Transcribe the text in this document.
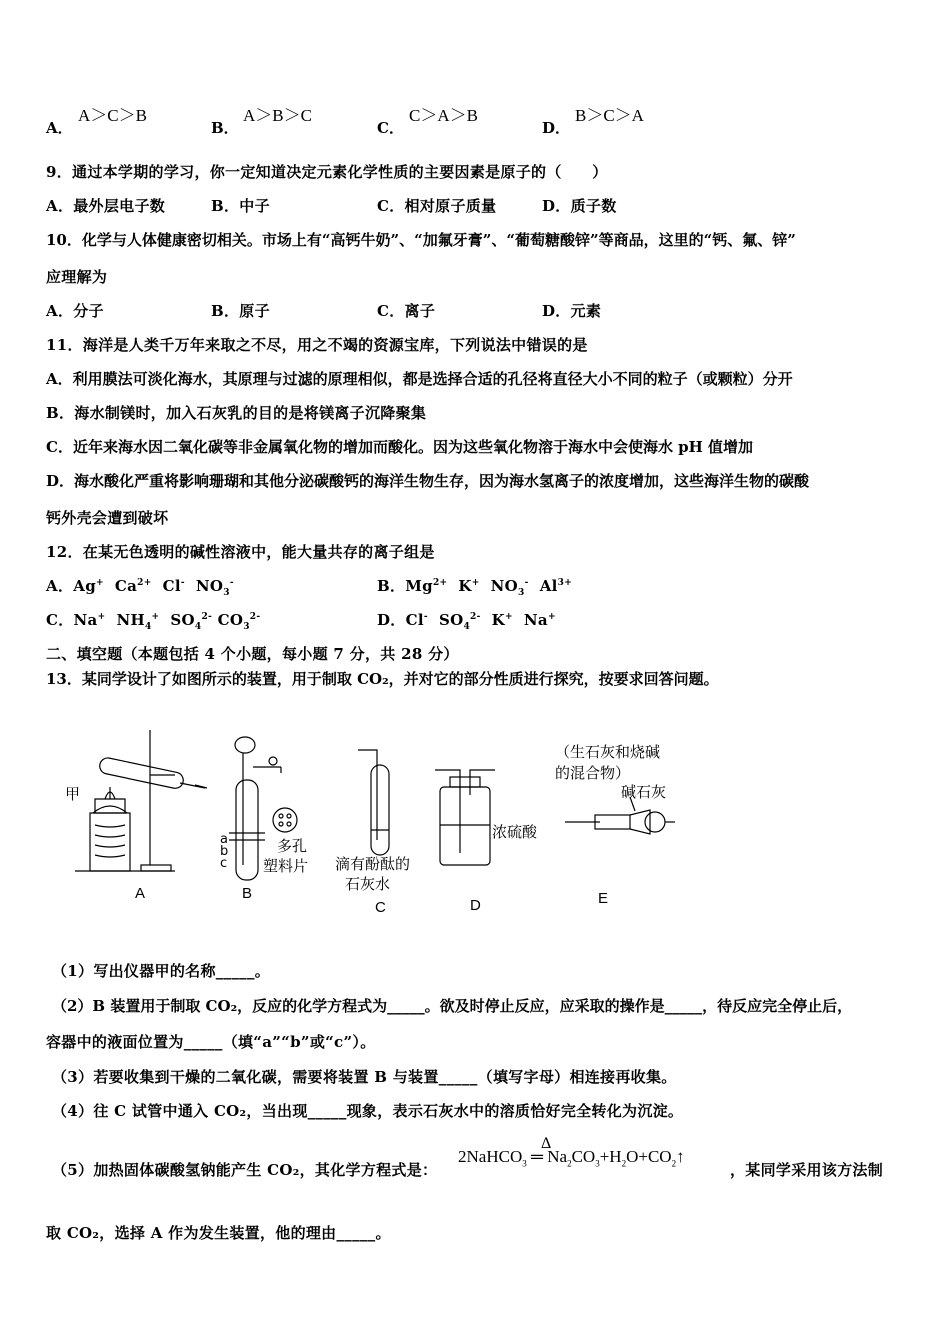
A．
A＞C＞B
B．
A＞B＞C
C．
C＞A＞B
D．
B＞C＞A
9．通过本学期的学习，你一定知道决定元素化学性质的主要因素是原子的（　　）
A．最外层电子数	B．中子	C．相对原子质量	D．质子数
10．化学与人体健康密切相关。市场上有“高钙牛奶”、“加氟牙膏”、“葡萄糖酸锌”等商品，这里的“钙、氟、锌”
应理解为
A．分子	B．原子	C．离子	D．元素
11．海洋是人类千万年来取之不尽，用之不竭的资源宝库，下列说法中错误的是
A．利用膜法可淡化海水，其原理与过滤的原理相似，都是选择合适的孔径将直径大小不同的粒子（或颗粒）分开
B．海水制镁时，加入石灰乳的目的是将镁离子沉降聚集
C．近年来海水因二氧化碳等非金属氧化物的增加而酸化。因为这些氧化物溶于海水中会使海水 pH 值增加
D．海水酸化严重将影响珊瑚和其他分泌碳酸钙的海洋生物生存，因为海水氢离子的浓度增加，这些海洋生物的碳酸
钙外壳会遭到破坏
12．在某无色透明的碱性溶液中，能大量共存的离子组是
A．Ag+  $Ca^{2+}$  Cl-  $NO_3^-$	B．$Mg^{2+}$  K+  $NO_3^-$  $Al^{3+}$
C．Na+  $NH_4^+$  $SO_4^{2-}$ $CO_3^{2-}$	D．Cl-  $SO_4^{2-}$  K+  Na+
二、填空题（本题包括 4 个小题，每小题 7 分，共 28 分）
13．某同学设计了如图所示的装置，用于制取 CO₂，并对它的部分性质进行探究，按要求回答问题。
甲
a
b
c
多孔
塑料片 滴有酚酞的
石灰水
浓硫酸
（生石灰和烧碱
的混合物）
碱石灰
A	B
C	D	E
（1）写出仪器甲的名称_____。
（2）B 装置用于制取 CO₂，反应的化学方程式为_____。欲及时停止反应，应采取的操作是_____，待反应完全停止后，
容器中的液面位置为_____（填“a”“b”或“c”）。
（3）若要收集到干燥的二氧化碳，需要将装置 B 与装置_____（填写字母）相连接再收集。
（4）往 C 试管中通入 CO₂，当出现_____现象，表示石灰水中的溶质恰好完全转化为沉淀。
（5）加热固体碳酸氢钠能产生 CO₂，其化学方程式是：
Δ
2NaHCO$_3$ ═ $Na_2CO_3+H_2O+CO_2↑$
，某同学采用该方法制
取 CO₂，选择 A 作为发生装置，他的理由_____。
